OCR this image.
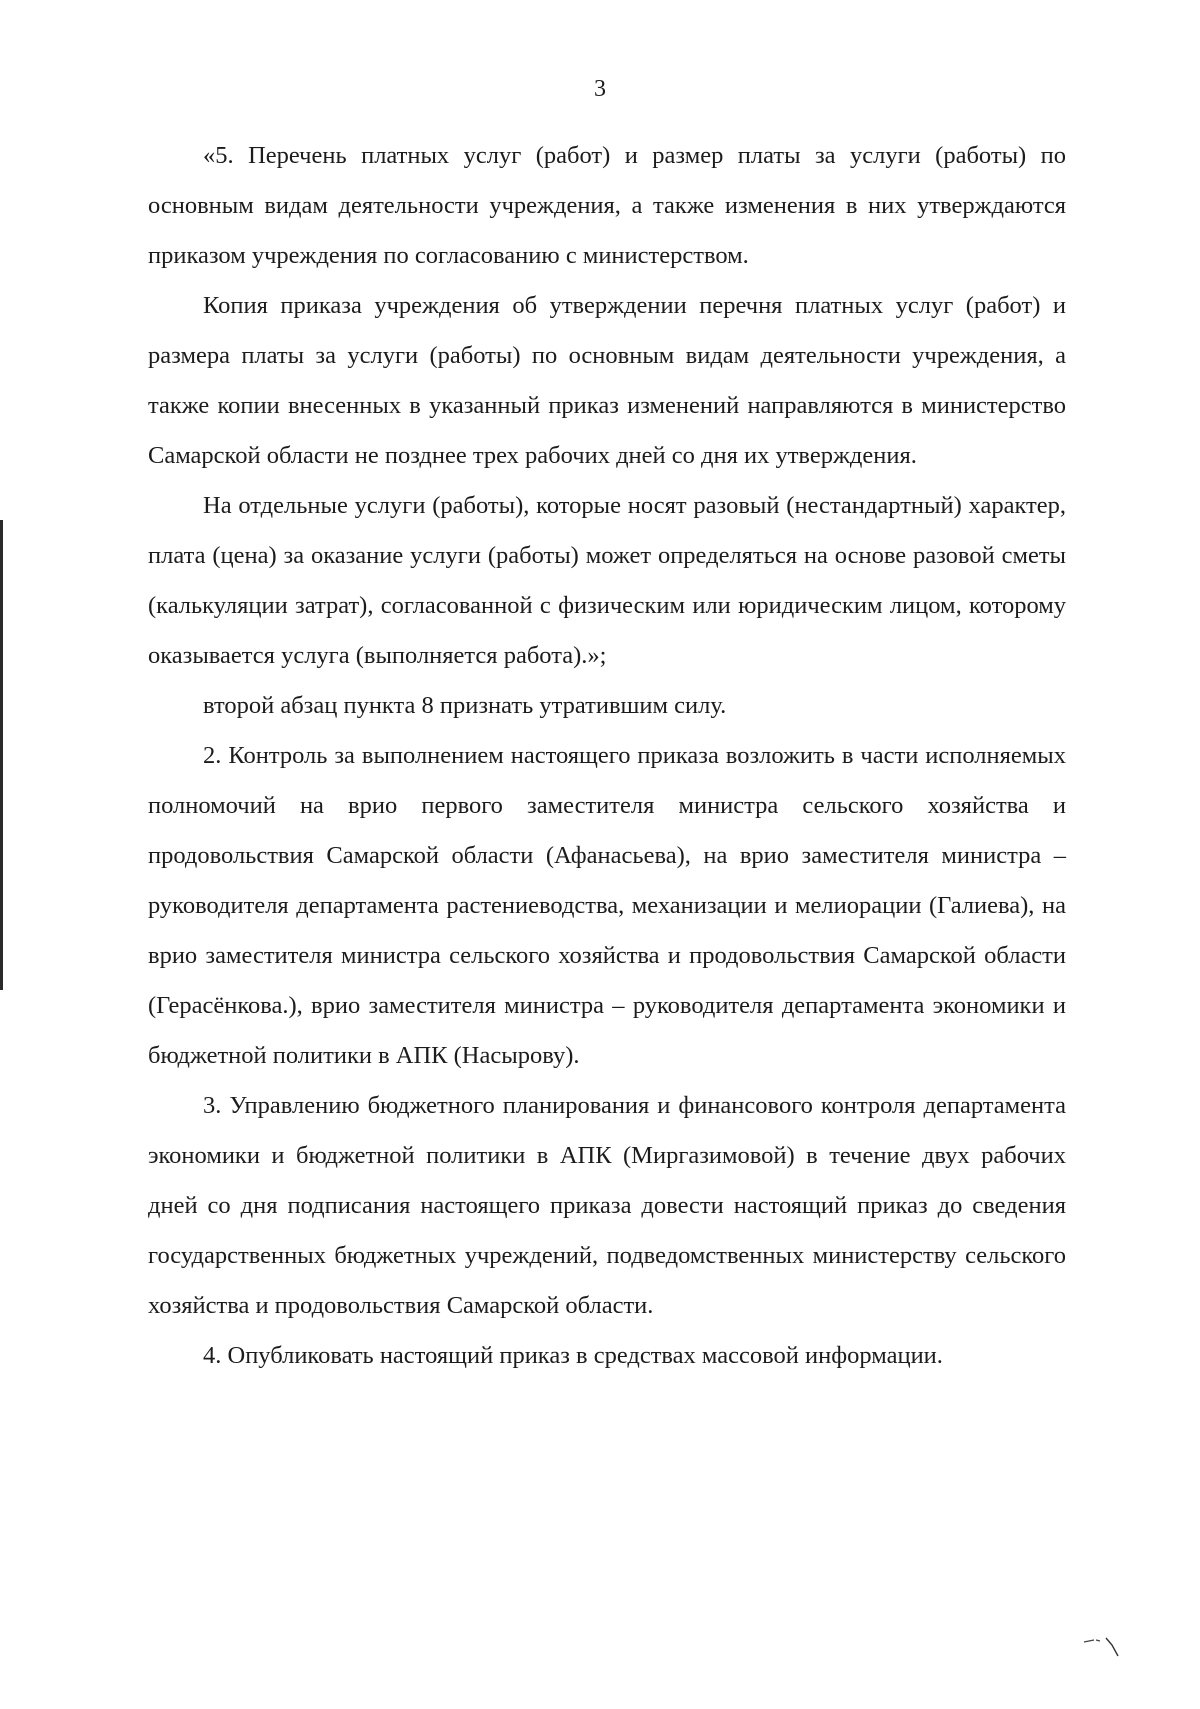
3

«5. Перечень платных услуг (работ) и размер платы за услуги (работы) по основным видам деятельности учреждения, а также изменения в них утверждаются приказом учреждения по согласованию с министерством.

Копия приказа учреждения об утверждении перечня платных услуг (работ) и размера платы за услуги (работы) по основным видам деятельности учреждения, а также копии внесенных в указанный приказ изменений направляются в министерство Самарской области не позднее трех рабочих дней со дня их утверждения.

На отдельные услуги (работы), которые носят разовый (нестандартный) характер, плата (цена) за оказание услуги (работы) может определяться на основе разовой сметы (калькуляции затрат), согласованной с физическим или юридическим лицом, которому оказывается услуга (выполняется работа).»;

второй абзац пункта 8 признать утратившим силу.

2. Контроль за выполнением настоящего приказа возложить в части исполняемых полномочий на врио первого заместителя министра сельского хозяйства и продовольствия Самарской области (Афанасьева), на врио заместителя министра – руководителя департамента растениеводства, механизации и мелиорации (Галиева), на врио заместителя министра сельского хозяйства и продовольствия Самарской области (Герасёнкова.), врио заместителя министра – руководителя департамента экономики и бюджетной политики в АПК (Насырову).

3. Управлению бюджетного планирования и финансового контроля департамента экономики и бюджетной политики в АПК (Миргазимовой) в течение двух рабочих дней со дня подписания настоящего приказа довести настоящий приказ до сведения государственных бюджетных учреждений, подведомственных министерству сельского хозяйства и продовольствия Самарской области.

4. Опубликовать настоящий приказ в средствах массовой информации.
